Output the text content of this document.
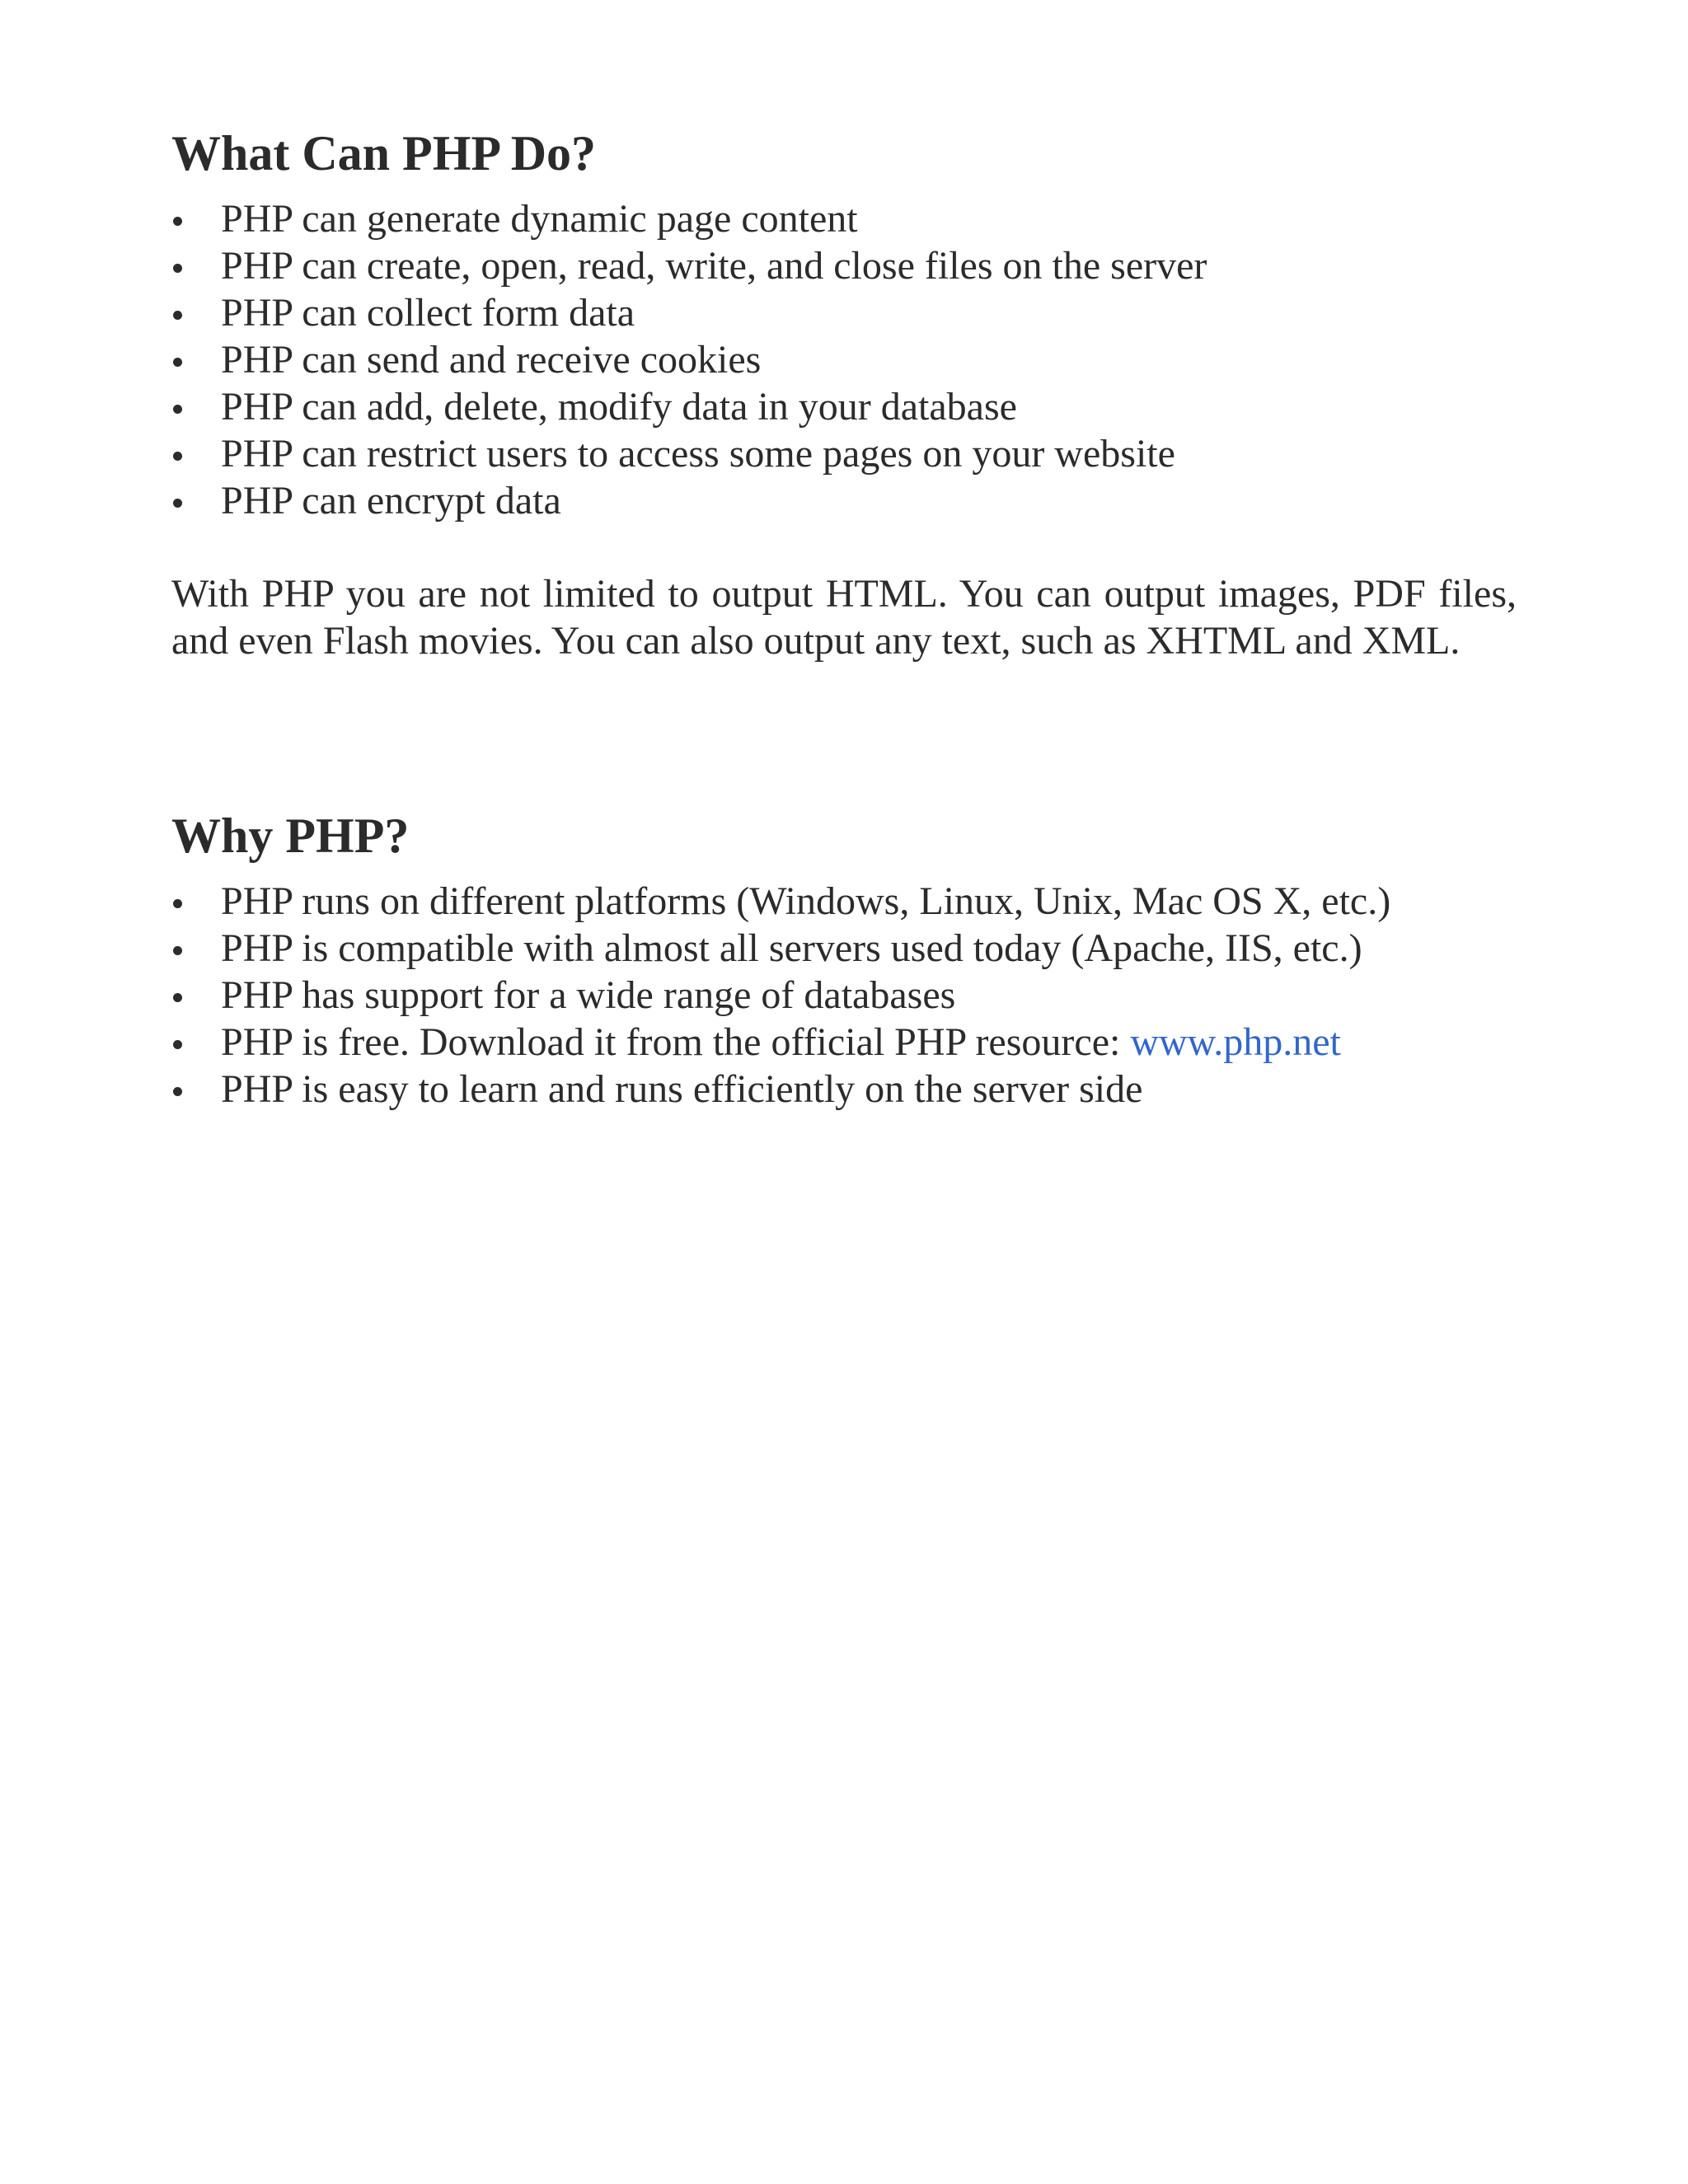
What Can PHP Do?
PHP can generate dynamic page content
PHP can create, open, read, write, and close files on the server
PHP can collect form data
PHP can send and receive cookies
PHP can add, delete, modify data in your database
PHP can restrict users to access some pages on your website
PHP can encrypt data

With PHP you are not limited to output HTML. You can output images, PDF files, and even Flash movies. You can also output any text, such as XHTML and XML.

Why PHP?
PHP runs on different platforms (Windows, Linux, Unix, Mac OS X, etc.)
PHP is compatible with almost all servers used today (Apache, IIS, etc.)
PHP has support for a wide range of databases
PHP is free. Download it from the official PHP resource: www.php.net
PHP is easy to learn and runs efficiently on the server side
